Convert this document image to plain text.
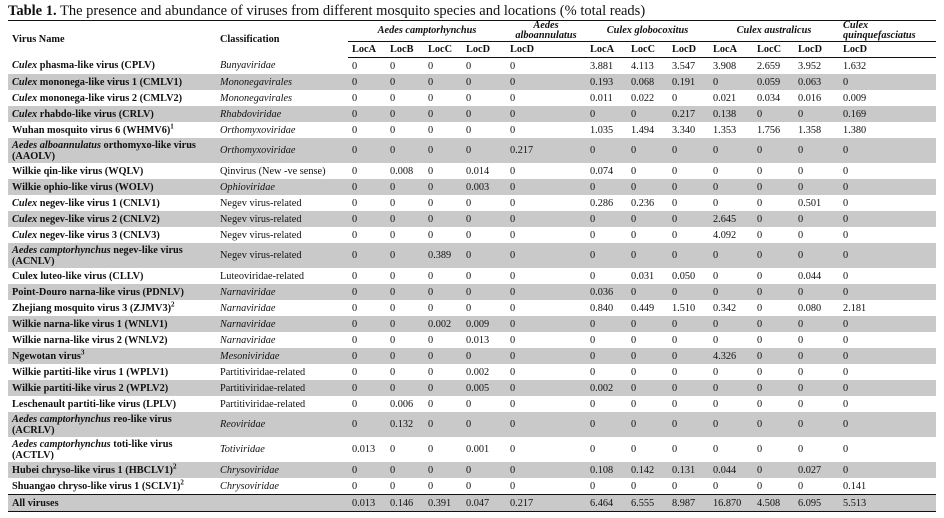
Table 1. The presence and abundance of viruses from different mosquito species and locations (% total reads)
Virus Name	Classification	Aedes camptorhynchus				Aedes alboannulatus	Culex globocoxitus			Culex australicus			Culex quinquefasciatus
		LocA	LocB	LocC	LocD	LocD	LocA	LocC	LocD	LocA	LocC	LocD	LocD
Culex phasma-like virus (CPLV)	Bunyaviridae	0	0	0	0	0	3.881	4.113	3.547	3.908	2.659	3.952	1.632
Culex mononega-like virus 1 (CMLV1)	Mononegavirales	0	0	0	0	0	0.193	0.068	0.191	0	0.059	0.063	0
Culex mononega-like virus 2 (CMLV2)	Mononegavirales	0	0	0	0	0	0.011	0.022	0	0.021	0.034	0.016	0.009
Culex rhabdo-like virus (CRLV)	Rhabdoviridae	0	0	0	0	0	0	0	0.217	0.138	0	0	0.169
Wuhan mosquito virus 6 (WHMV6)$^1$	Orthomyxoviridae	0	0	0	0	0	1.035	1.494	3.340	1.353	1.756	1.358	1.380
Aedes alboannulatus orthomyxo-like virus (AAOLV)	Orthomyxoviridae	0	0	0	0	0.217	0	0	0	0	0	0	0
Wilkie qin-like virus (WQLV)	Qinvirus (New -ve sense)	0	0.008	0	0.014	0	0.074	0	0	0	0	0	0
Wilkie ophio-like virus (WOLV)	Ophioviridae	0	0	0	0.003	0	0	0	0	0	0	0	0
Culex negev-like virus 1 (CNLV1)	Negev virus-related	0	0	0	0	0	0.286	0.236	0	0	0	0.501	0
Culex negev-like virus 2 (CNLV2)	Negev virus-related	0	0	0	0	0	0	0	0	2.645	0	0	0
Culex negev-like virus 3 (CNLV3)	Negev virus-related	0	0	0	0	0	0	0	0	4.092	0	0	0
Aedes camptorhynchus negev-like virus (ACNLV)	Negev virus-related	0	0	0.389	0	0	0	0	0	0	0	0	0
Culex luteo-like virus (CLLV)	Luteoviridae-related	0	0	0	0	0	0	0.031	0.050	0	0	0.044	0
Point-Douro narna-like virus (PDNLV)	Narnaviridae	0	0	0	0	0	0.036	0	0	0	0	0	0
Zhejiang mosquito virus 3 (ZJMV3)$^2$	Narnaviridae	0	0	0	0	0	0.840	0.449	1.510	0.342	0	0.080	2.181
Wilkie narna-like virus 1 (WNLV1)	Narnaviridae	0	0	0.002	0.009	0	0	0	0	0	0	0	0
Wilkie narna-like virus 2 (WNLV2)	Narnaviridae	0	0	0	0.013	0	0	0	0	0	0	0	0
Ngewotan virus$^3$	Mesoniviridae	0	0	0	0	0	0	0	0	4.326	0	0	0
Wilkie partiti-like virus 1 (WPLV1)	Partitiviridae-related	0	0	0	0.002	0	0	0	0	0	0	0	0
Wilkie partiti-like virus 2 (WPLV2)	Partitiviridae-related	0	0	0	0.005	0	0.002	0	0	0	0	0	0
Leschenault partiti-like virus (LPLV)	Partitiviridae-related	0	0.006	0	0	0	0	0	0	0	0	0	0
Aedes camptorhynchus reo-like virus (ACRLV)	Reoviridae	0	0.132	0	0	0	0	0	0	0	0	0	0
Aedes camptorhynchus toti-like virus (ACTLV)	Totiviridae	0.013	0	0	0.001	0	0	0	0	0	0	0	0
Hubei chryso-like virus 1 (HBCLV1)$^2$	Chrysoviridae	0	0	0	0	0	0.108	0.142	0.131	0.044	0	0.027	0
Shuangao chryso-like virus 1 (SCLV1)$^2$	Chrysoviridae	0	0	0	0	0	0	0	0	0	0	0	0.141
All viruses		0.013	0.146	0.391	0.047	0.217	6.464	6.555	8.987	16.870	4.508	6.095	5.513
